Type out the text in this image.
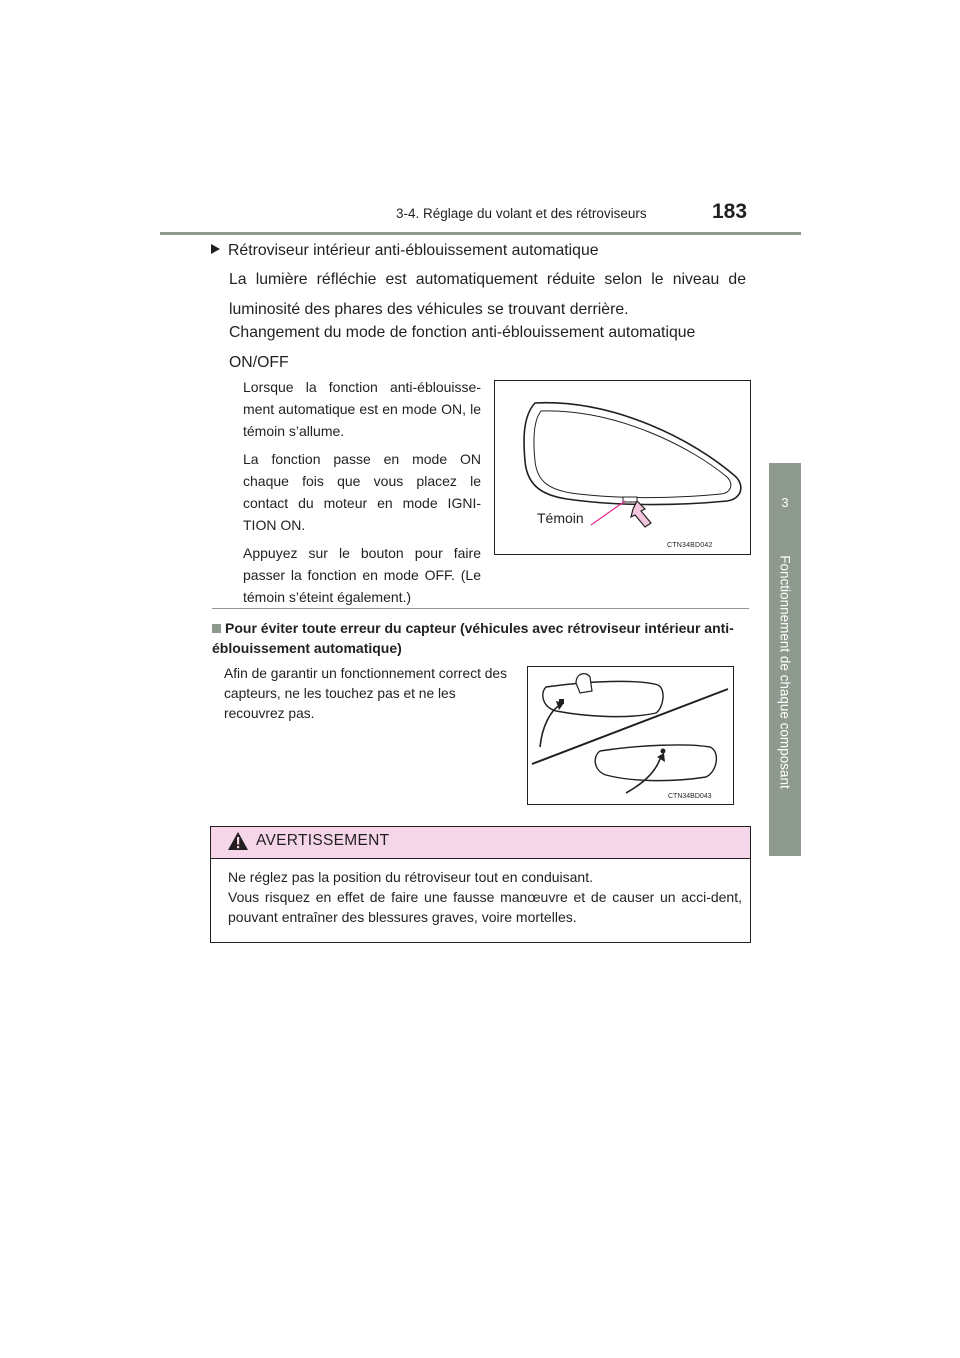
3-4. Réglage du volant et des rétroviseurs	183
3
Fonctionnement de chaque composant
Rétroviseur intérieur anti-éblouissement automatique
La lumière réfléchie est automatiquement réduite selon le niveau de luminosité des phares des véhicules se trouvant derrière.
Changement du mode de fonction anti-éblouissement automatique ON/OFF

Lorsque la fonction anti-éblouisse-ment automatique est en mode ON, le témoin s’allume.

La fonction passe en mode ON chaque fois que vous placez le contact du moteur en mode IGNI-TION ON.

Appuyez sur le bouton pour faire passer la fonction en mode OFF. (Le témoin s’éteint également.)

Témoin
CTN34BD042
Pour éviter toute erreur du capteur (véhicules avec rétroviseur intérieur anti-éblouissement automatique)
Afin de garantir un fonctionnement correct des capteurs, ne les touchez pas et ne les recouvrez pas.
CTN34BD043
AVERTISSEMENT
Ne réglez pas la position du rétroviseur tout en conduisant.
Vous risquez en effet de faire une fausse manœuvre et de causer un acci-dent, pouvant entraîner des blessures graves, voire mortelles.
